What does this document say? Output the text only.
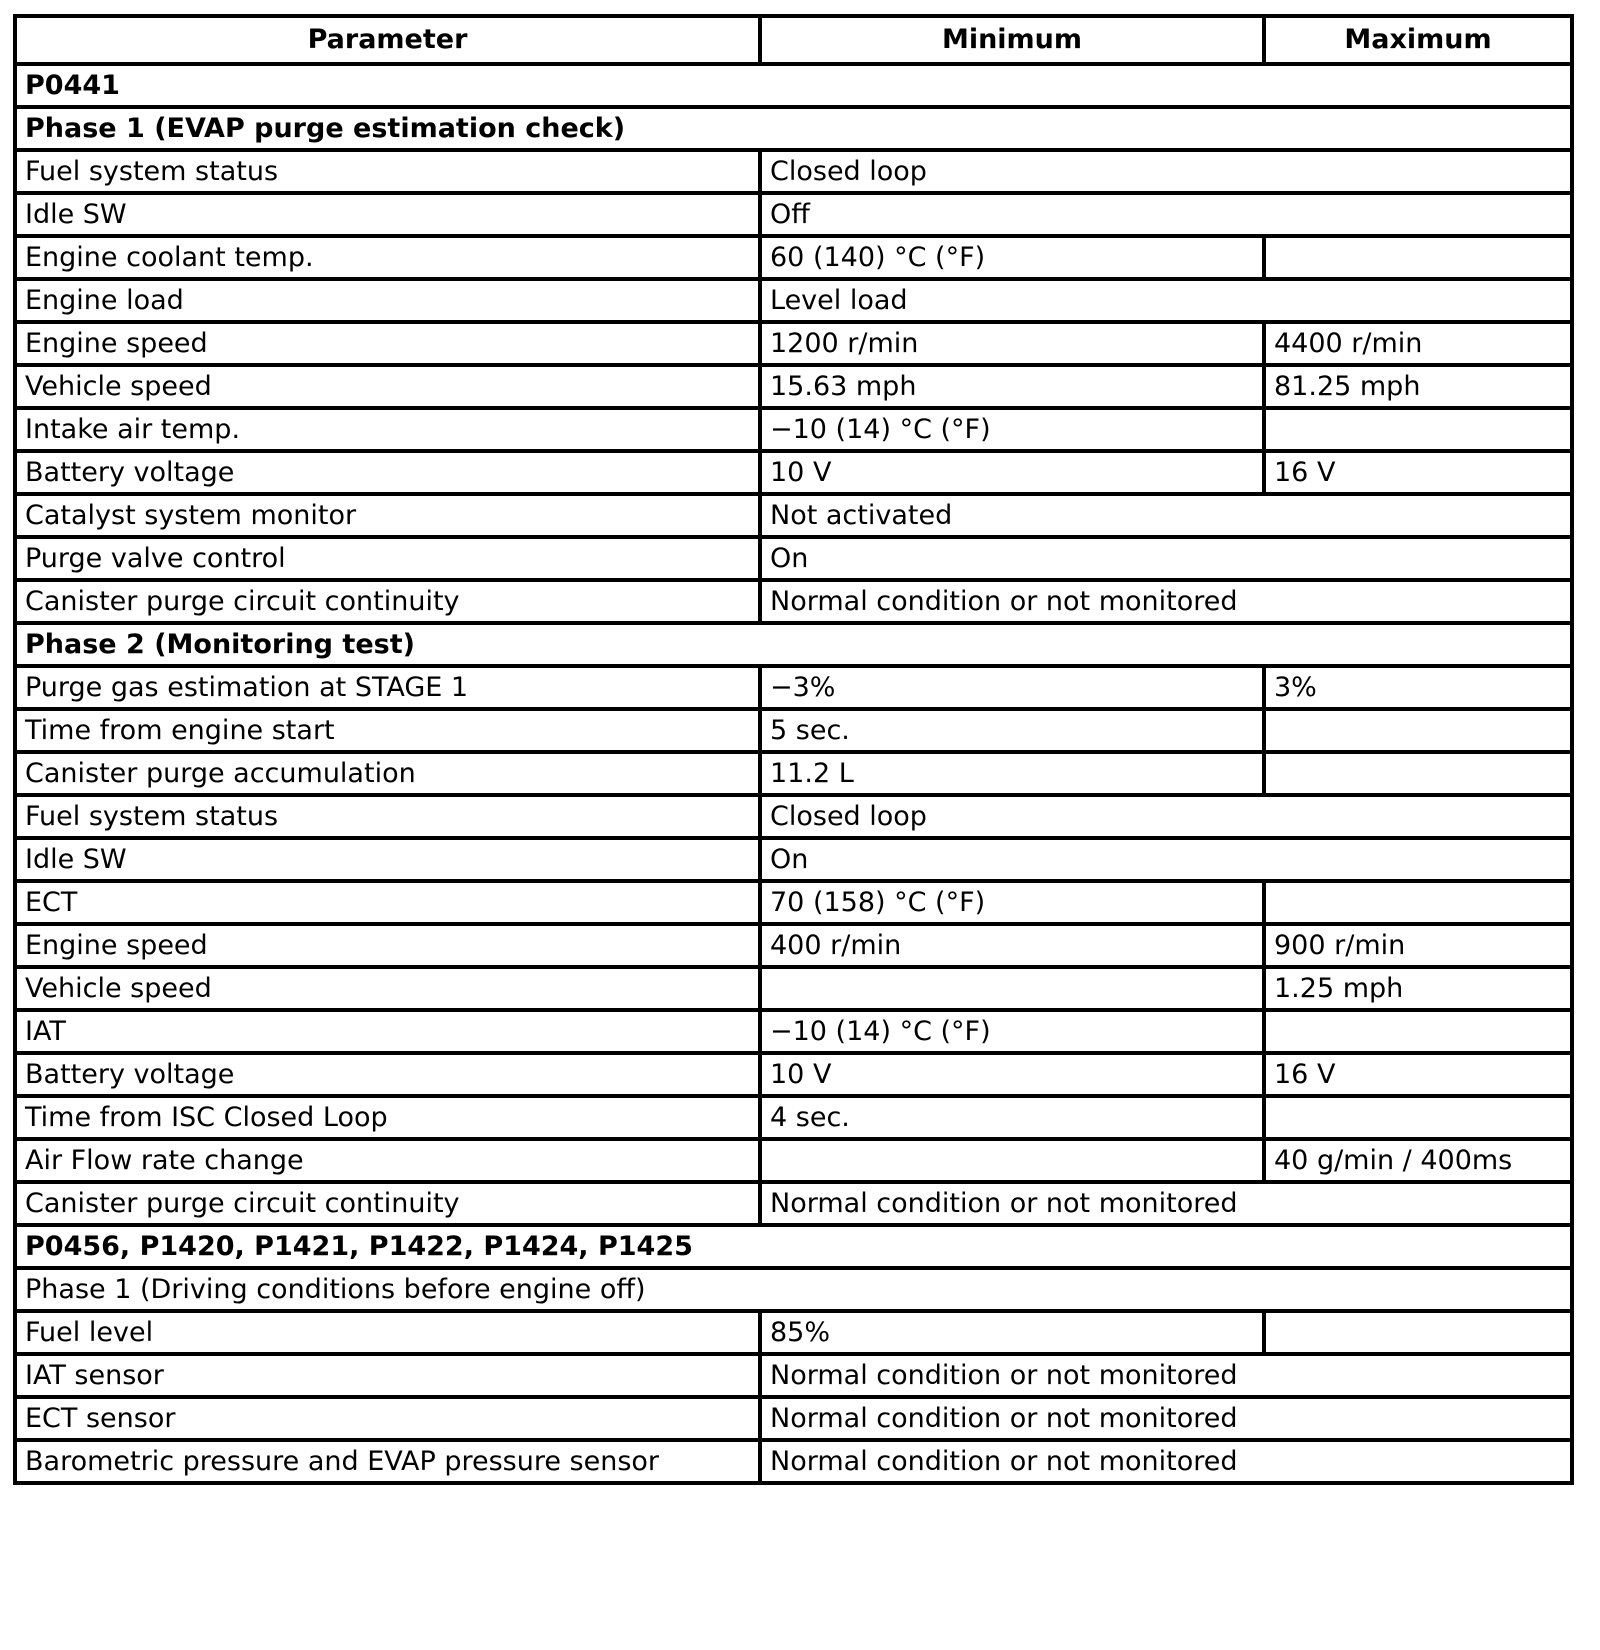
Parameter	Minimum	Maximum
P0441		
Phase 1 (EVAP purge estimation check)		
Fuel system status	Closed loop	
Idle SW	Off	
Engine coolant temp.	60 (140) °C (°F)	
Engine load	Level load	
Engine speed	1200 r/min	4400 r/min
Vehicle speed	15.63 mph	81.25 mph
Intake air temp.	−10 (14) °C (°F)	
Battery voltage	10 V	16 V
Catalyst system monitor	Not activated	
Purge valve control	On	
Canister purge circuit continuity	Normal condition or not monitored	
Phase 2 (Monitoring test)		
Purge gas estimation at STAGE 1	−3%	3%
Time from engine start	5 sec.	
Canister purge accumulation	11.2 L	
Fuel system status	Closed loop	
Idle SW	On	
ECT	70 (158) °C (°F)	
Engine speed	400 r/min	900 r/min
Vehicle speed		1.25 mph
IAT	−10 (14) °C (°F)	
Battery voltage	10 V	16 V
Time from ISC Closed Loop	4 sec.	
Air Flow rate change		40 g/min / 400ms
Canister purge circuit continuity	Normal condition or not monitored	
P0456, P1420, P1421, P1422, P1424, P1425		
Phase 1 (Driving conditions before engine off)		
Fuel level	85%	
IAT sensor	Normal condition or not monitored	
ECT sensor	Normal condition or not monitored	
Barometric pressure and EVAP pressure sensor	Normal condition or not monitored	
